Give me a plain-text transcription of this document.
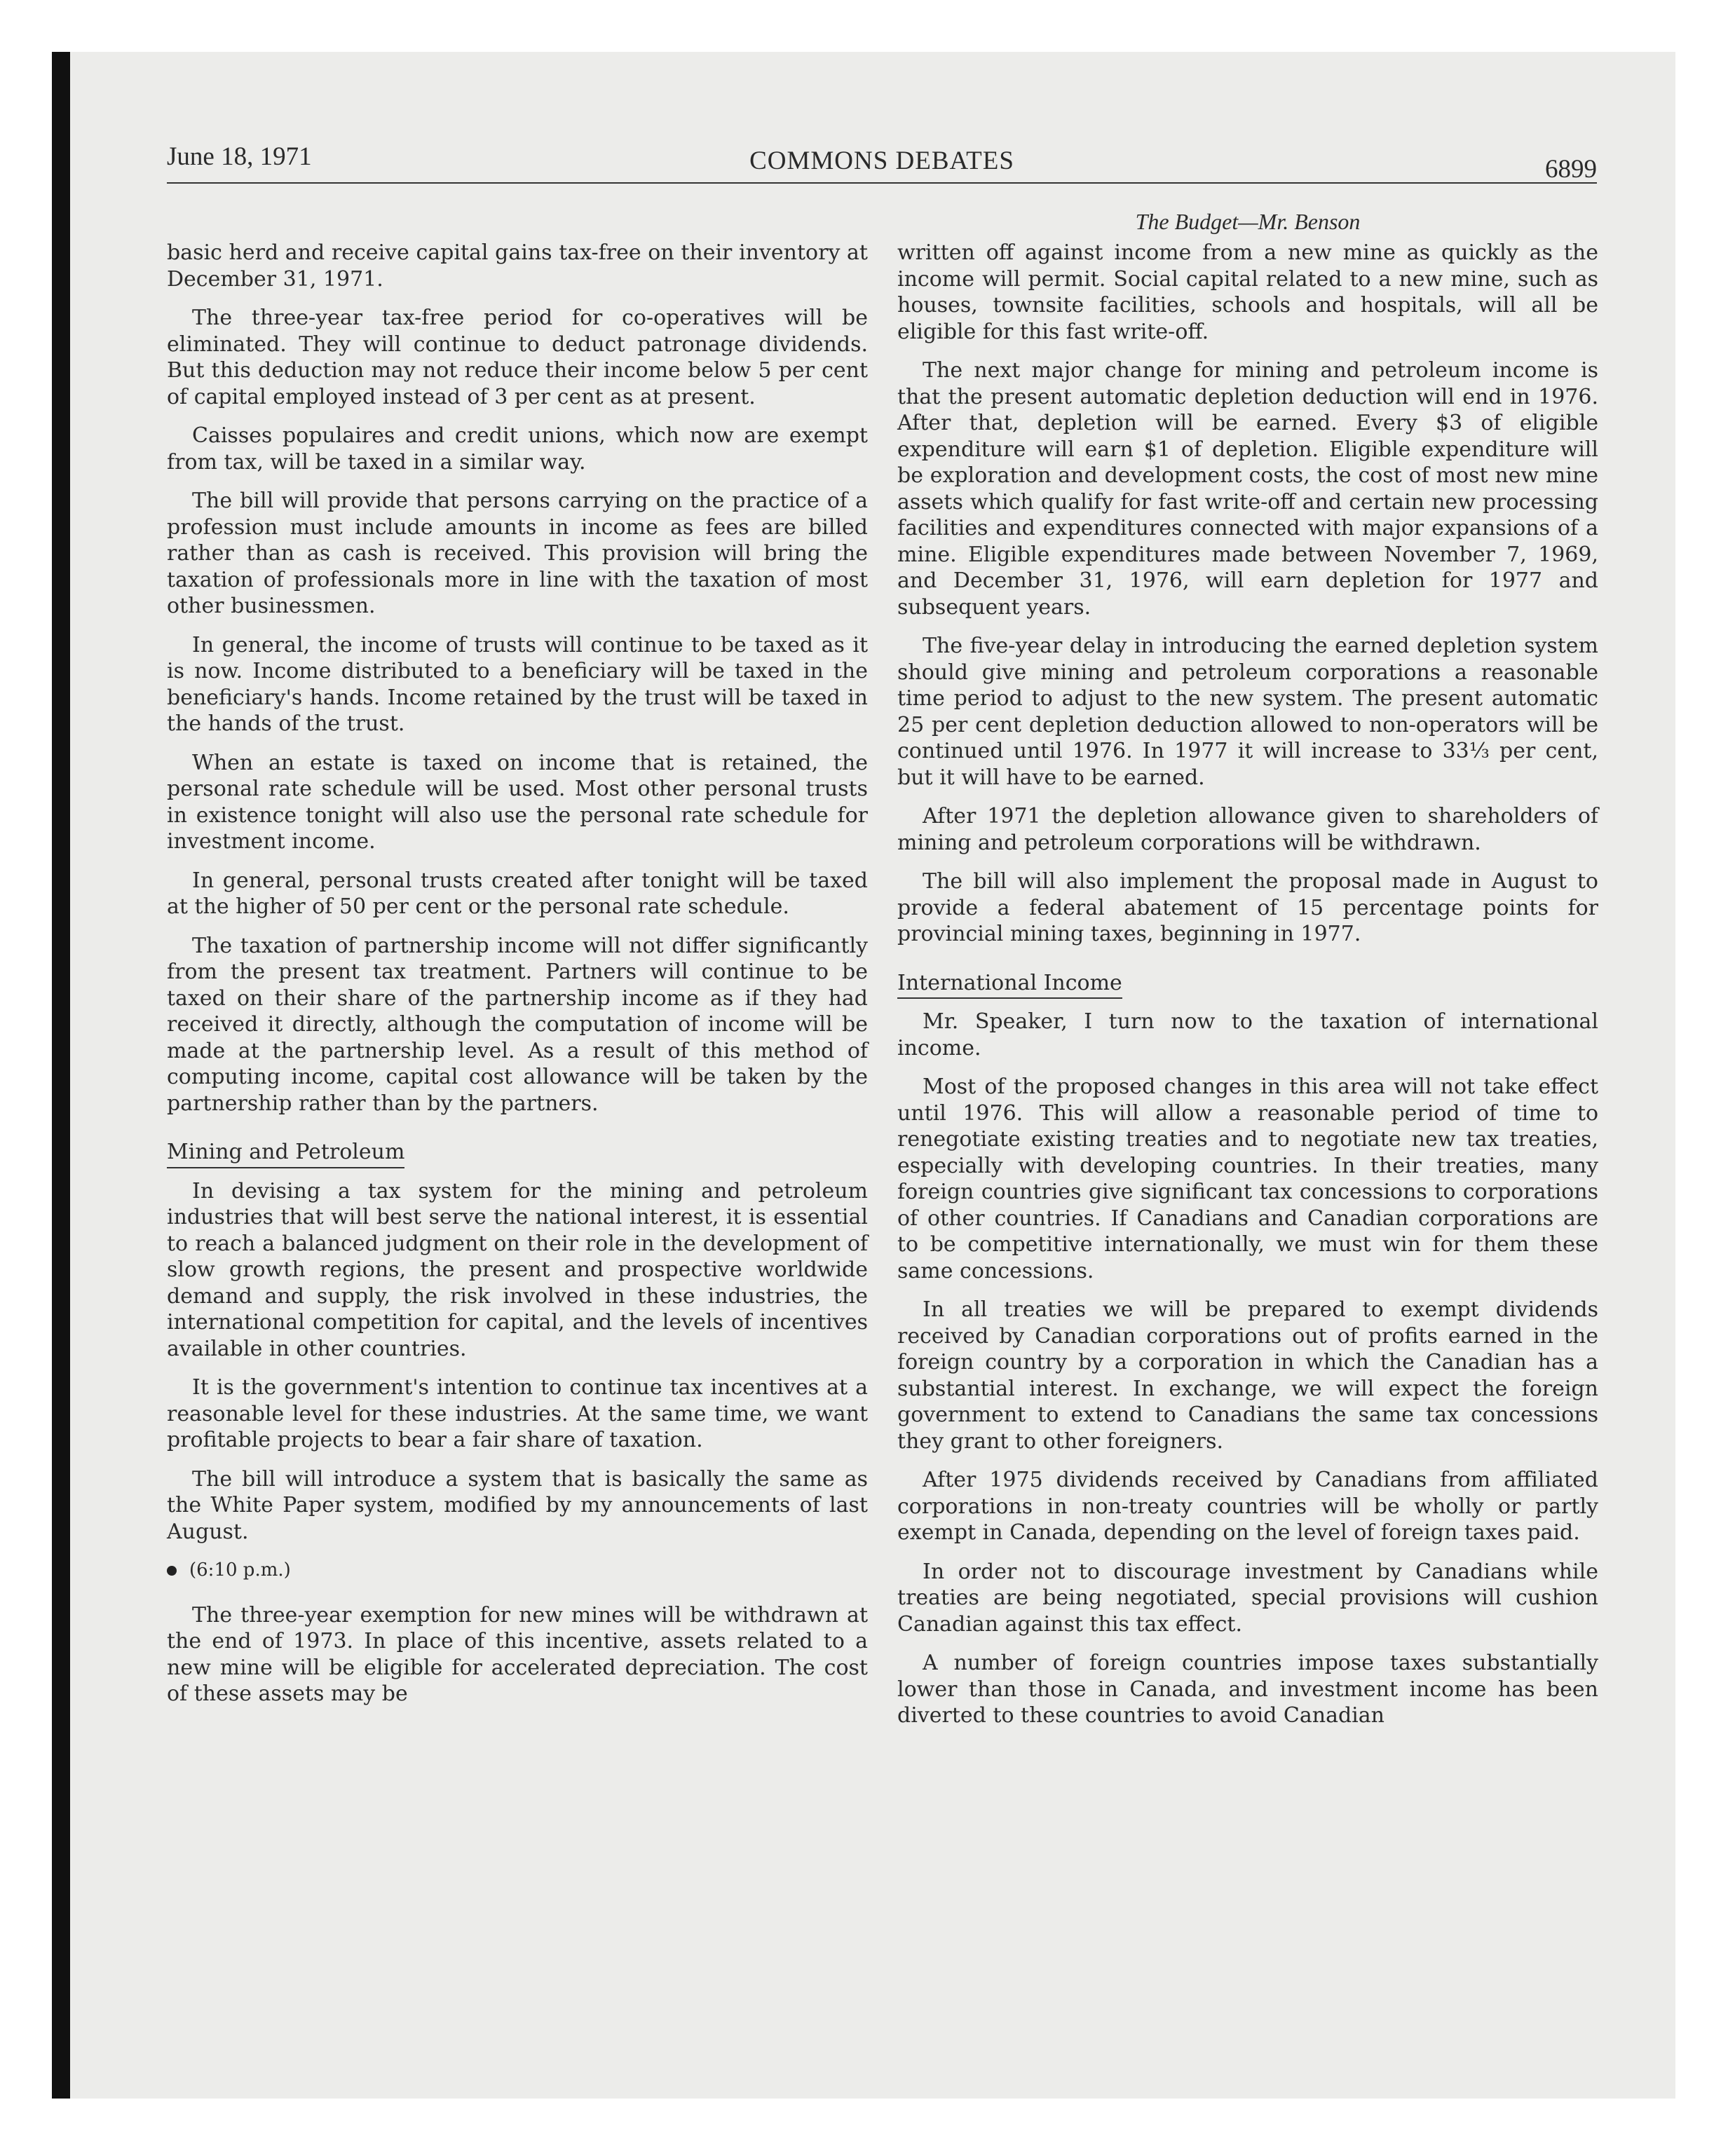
June 18, 1971	COMMONS DEBATES	6899
The Budget—Mr. Benson

basic herd and receive capital gains tax-free on their inventory at December 31, 1971.

The three-year tax-free period for co-operatives will be eliminated. They will continue to deduct patronage dividends. But this deduction may not reduce their income below 5 per cent of capital employed instead of 3 per cent as at present.

Caisses populaires and credit unions, which now are exempt from tax, will be taxed in a similar way.

The bill will provide that persons carrying on the practice of a profession must include amounts in income as fees are billed rather than as cash is received. This provision will bring the taxation of professionals more in line with the taxation of most other businessmen.

In general, the income of trusts will continue to be taxed as it is now. Income distributed to a beneficiary will be taxed in the beneficiary's hands. Income retained by the trust will be taxed in the hands of the trust.

When an estate is taxed on income that is retained, the personal rate schedule will be used. Most other personal trusts in existence tonight will also use the personal rate schedule for investment income.

In general, personal trusts created after tonight will be taxed at the higher of 50 per cent or the personal rate schedule.

The taxation of partnership income will not differ significantly from the present tax treatment. Partners will continue to be taxed on their share of the partnership income as if they had received it directly, although the computation of income will be made at the partnership level. As a result of this method of computing income, capital cost allowance will be taken by the partnership rather than by the partners.

Mining and Petroleum

In devising a tax system for the mining and petroleum industries that will best serve the national interest, it is essential to reach a balanced judgment on their role in the development of slow growth regions, the present and prospective worldwide demand and supply, the risk involved in these industries, the international competition for capital, and the levels of incentives available in other countries.

It is the government's intention to continue tax incentives at a reasonable level for these industries. At the same time, we want profitable projects to bear a fair share of taxation.

The bill will introduce a system that is basically the same as the White Paper system, modified by my announcements of last August.

(6:10 p.m.)

The three-year exemption for new mines will be withdrawn at the end of 1973. In place of this incentive, assets related to a new mine will be eligible for accelerated depreciation. The cost of these assets may be

written off against income from a new mine as quickly as the income will permit. Social capital related to a new mine, such as houses, townsite facilities, schools and hospitals, will all be eligible for this fast write-off.

The next major change for mining and petroleum income is that the present automatic depletion deduction will end in 1976. After that, depletion will be earned. Every $3 of eligible expenditure will earn $1 of depletion. Eligible expenditure will be exploration and development costs, the cost of most new mine assets which qualify for fast write-off and certain new processing facilities and expenditures connected with major expansions of a mine. Eligible expenditures made between November 7, 1969, and December 31, 1976, will earn depletion for 1977 and subsequent years.

The five-year delay in introducing the earned depletion system should give mining and petroleum corporations a reasonable time period to adjust to the new system. The present automatic 25 per cent depletion deduction allowed to non-operators will be continued until 1976. In 1977 it will increase to 33⅓ per cent, but it will have to be earned.

After 1971 the depletion allowance given to shareholders of mining and petroleum corporations will be withdrawn.

The bill will also implement the proposal made in August to provide a federal abatement of 15 percentage points for provincial mining taxes, beginning in 1977.

International Income

Mr. Speaker, I turn now to the taxation of international income.

Most of the proposed changes in this area will not take effect until 1976. This will allow a reasonable period of time to renegotiate existing treaties and to negotiate new tax treaties, especially with developing countries. In their treaties, many foreign countries give significant tax concessions to corporations of other countries. If Canadians and Canadian corporations are to be competitive internationally, we must win for them these same concessions.

In all treaties we will be prepared to exempt dividends received by Canadian corporations out of profits earned in the foreign country by a corporation in which the Canadian has a substantial interest. In exchange, we will expect the foreign government to extend to Canadians the same tax concessions they grant to other foreigners.

After 1975 dividends received by Canadians from affiliated corporations in non-treaty countries will be wholly or partly exempt in Canada, depending on the level of foreign taxes paid.

In order not to discourage investment by Canadians while treaties are being negotiated, special provisions will cushion Canadian against this tax effect.

A number of foreign countries impose taxes substantially lower than those in Canada, and investment income has been diverted to these countries to avoid Canadian
